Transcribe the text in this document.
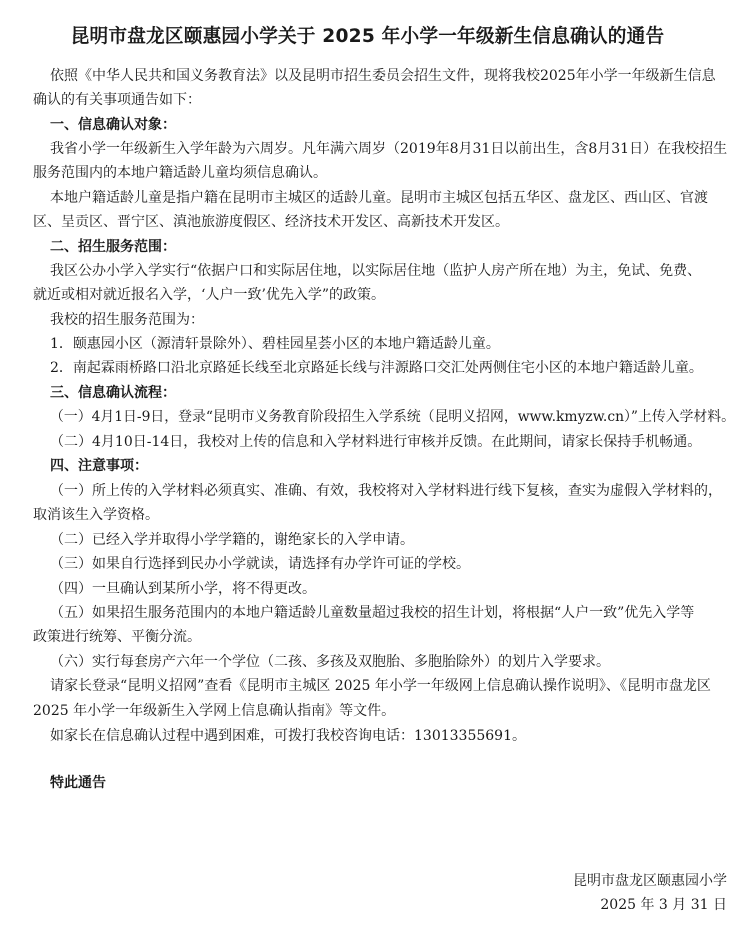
昆明市盘龙区颐惠园小学关于 2025 年小学一年级新生信息确认的通告
依照《中华人民共和国义务教育法》以及昆明市招生委员会招生文件，现将我校2025年小学一年级新生信息
确认的有关事项通告如下：
一、信息确认对象：
我省小学一年级新生入学年龄为六周岁。凡年满六周岁（2019年8月31日以前出生，含8月31日）在我校招生
服务范围内的本地户籍适龄儿童均须信息确认。
本地户籍适龄儿童是指户籍在昆明市主城区的适龄儿童。昆明市主城区包括五华区、盘龙区、西山区、官渡
区、呈贡区、晋宁区、滇池旅游度假区、经济技术开发区、高新技术开发区。
二、招生服务范围：
我区公办小学入学实行“依据户口和实际居住地，以实际居住地（监护人房产所在地）为主，免试、免费、
就近或相对就近报名入学，‘人户一致’优先入学”的政策。
我校的招生服务范围为：
1．颐惠园小区（源清轩景除外）、碧桂园星荟小区的本地户籍适龄儿童。
2．南起霖雨桥路口沿北京路延长线至北京路延长线与沣源路口交汇处两侧住宅小区的本地户籍适龄儿童。
三、信息确认流程：
（一）4月1日-9日，登录“昆明市义务教育阶段招生入学系统（昆明义招网，www.kmyzw.cn）”上传入学材料。
（二）4月10日-14日，我校对上传的信息和入学材料进行审核并反馈。在此期间，请家长保持手机畅通。
四、注意事项：
（一）所上传的入学材料必须真实、准确、有效，我校将对入学材料进行线下复核，查实为虚假入学材料的，
取消该生入学资格。
（二）已经入学并取得小学学籍的，谢绝家长的入学申请。
（三）如果自行选择到民办小学就读，请选择有办学许可证的学校。
（四）一旦确认到某所小学，将不得更改。
（五）如果招生服务范围内的本地户籍适龄儿童数量超过我校的招生计划，将根据“人户一致”优先入学等
政策进行统筹、平衡分流。
（六）实行每套房产六年一个学位（二孩、多孩及双胞胎、多胞胎除外）的划片入学要求。
请家长登录“昆明义招网”查看《昆明市主城区 2025 年小学一年级网上信息确认操作说明》、《昆明市盘龙区
2025 年小学一年级新生入学网上信息确认指南》等文件。
如家长在信息确认过程中遇到困难，可拨打我校咨询电话：13013355691。
特此通告
昆明市盘龙区颐惠园小学
2025 年 3 月 31 日
